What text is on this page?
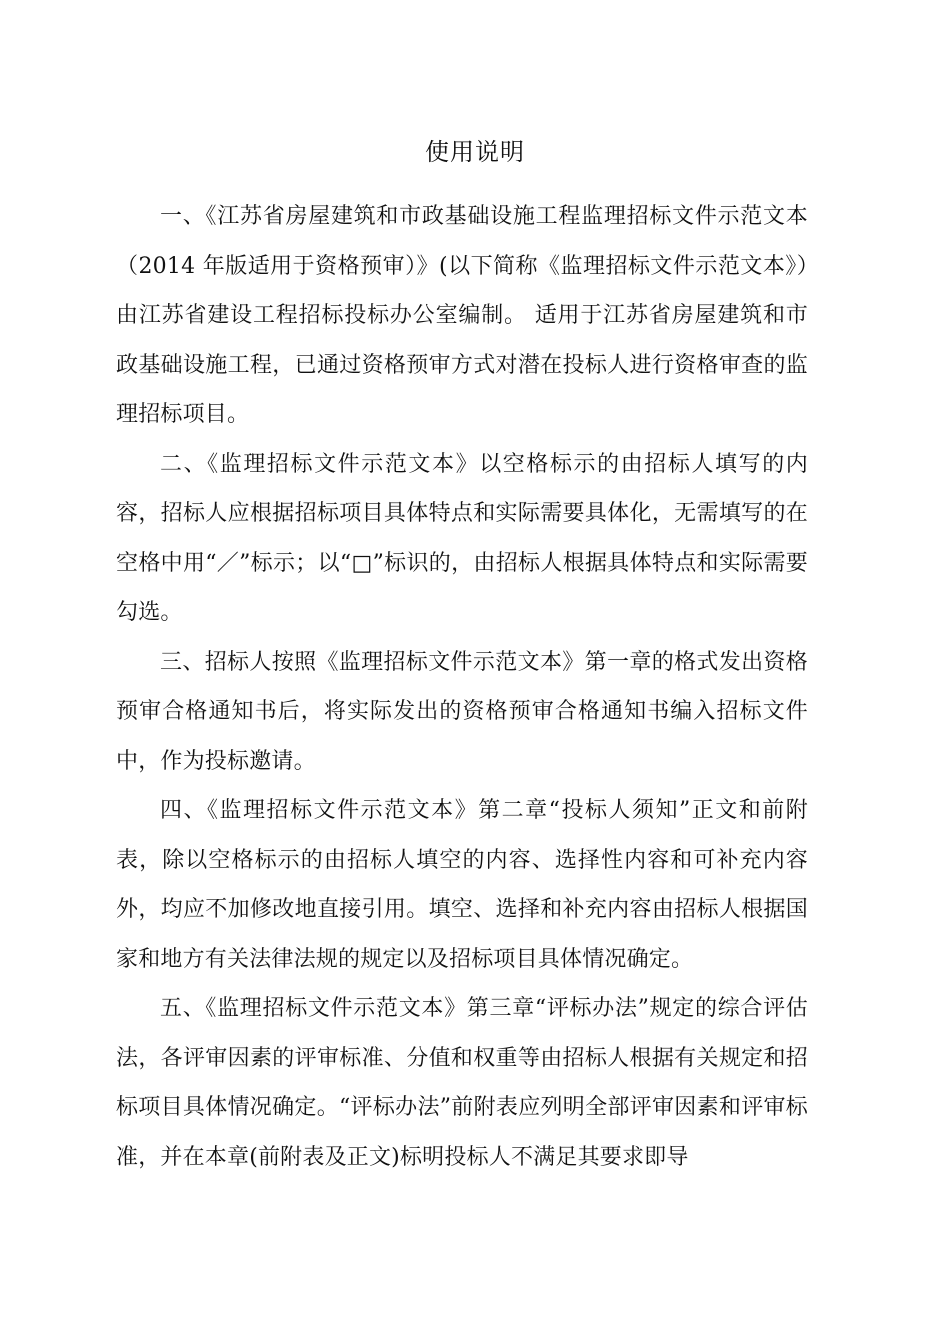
使用说明

一、《江苏省房屋建筑和市政基础设施工程监理招标文件示范文本（2014 年版适用于资格预审）》(以下简称《监理招标文件示范文本》）由江苏省建设工程招标投标办公室编制。 适用于江苏省房屋建筑和市政基础设施工程，已通过资格预审方式对潜在投标人进行资格审查的监理招标项目。

二、《监理招标文件示范文本》以空格标示的由招标人填写的内容，招标人应根据招标项目具体特点和实际需要具体化，无需填写的在空格中用“／”标示；以“□”标识的，由招标人根据具体特点和实际需要勾选。

三、招标人按照《监理招标文件示范文本》第一章的格式发出资格预审合格通知书后，将实际发出的资格预审合格通知书编入招标文件中，作为投标邀请。

四、《监理招标文件示范文本》第二章“投标人须知”正文和前附表，除以空格标示的由招标人填空的内容、选择性内容和可补充内容外，均应不加修改地直接引用。填空、选择和补充内容由招标人根据国家和地方有关法律法规的规定以及招标项目具体情况确定。

五、《监理招标文件示范文本》第三章“评标办法”规定的综合评估法，各评审因素的评审标准、分值和权重等由招标人根据有关规定和招标项目具体情况确定。“评标办法”前附表应列明全部评审因素和评审标准，并在本章(前附表及正文)标明投标人不满足其要求即导
